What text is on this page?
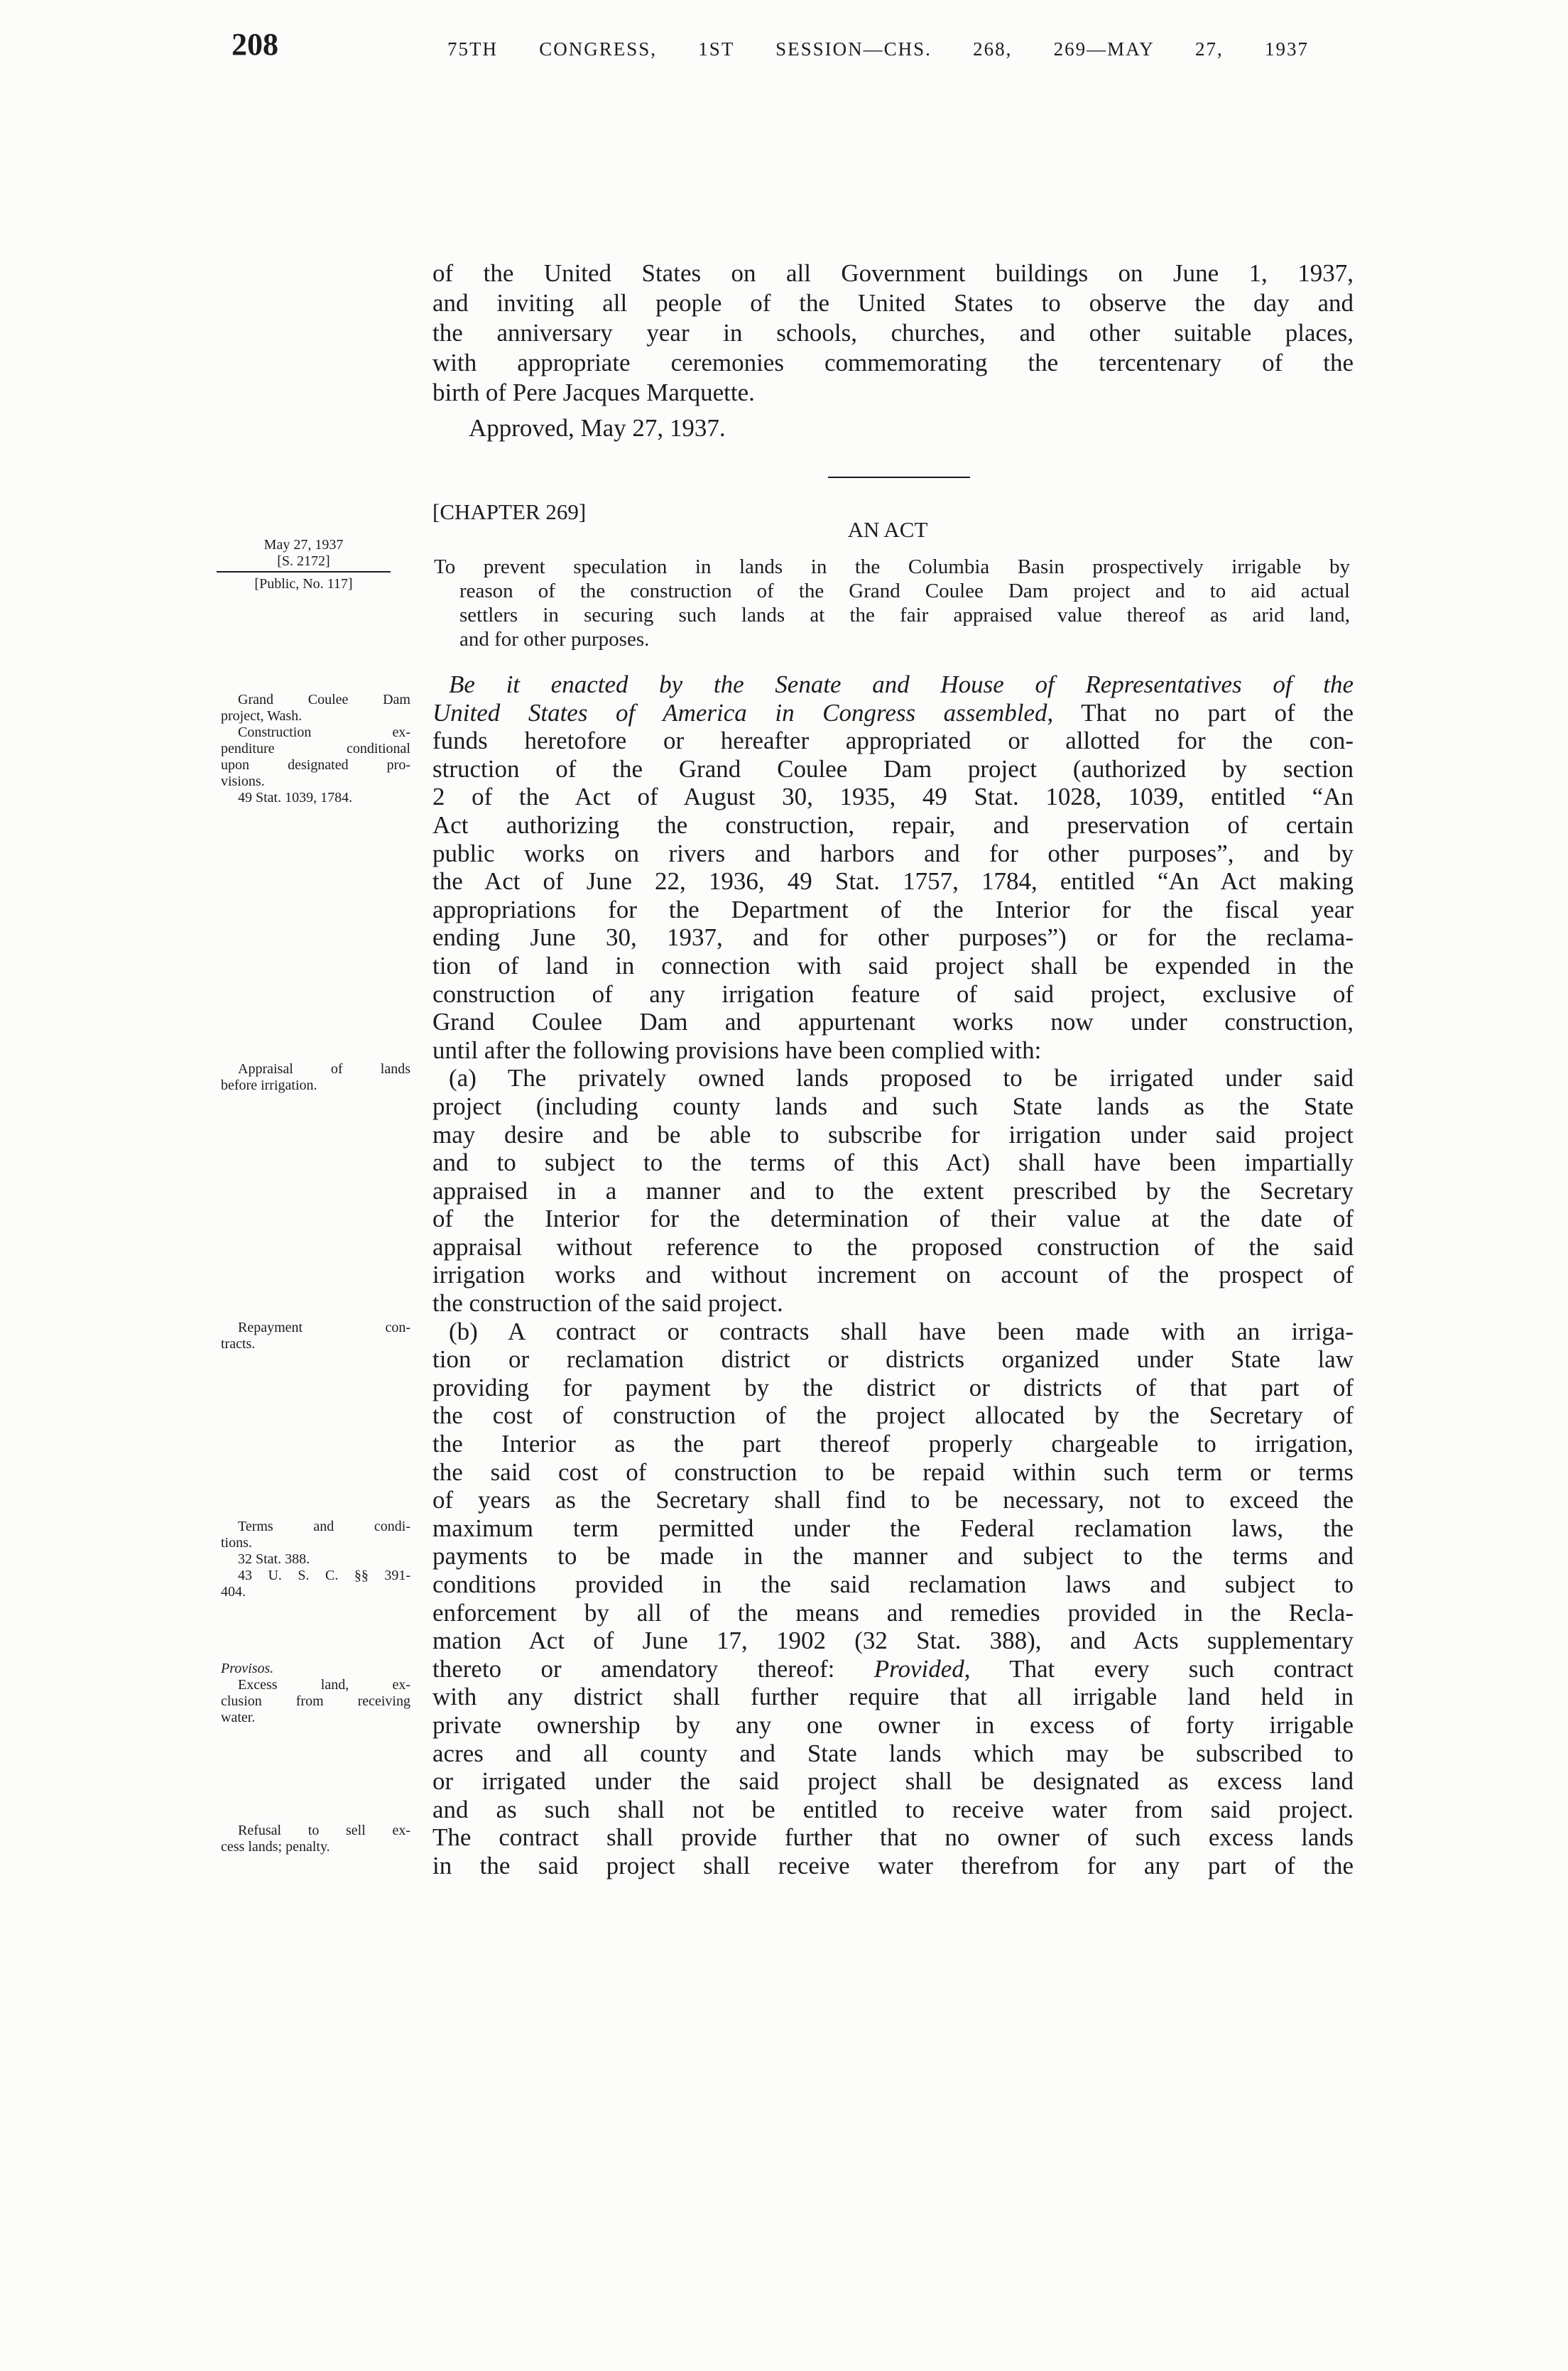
208	75TH CONGRESS, 1ST SESSION—CHS. 268, 269—MAY 27, 1937
of the United States on all Government buildings on June 1, 1937,
and inviting all people of the United States to observe the day and
the anniversary year in schools, churches, and other suitable places,
with appropriate ceremonies commemorating the tercentenary of the
birth of Pere Jacques Marquette.
Approved, May 27, 1937.
[CHAPTER 269]
AN ACT
May 27, 1937
[S. 2172]
[Public, No. 117]
To prevent speculation in lands in the Columbia Basin prospectively irrigable by
reason of the construction of the Grand Coulee Dam project and to aid actual
settlers in securing such lands at the fair appraised value thereof as arid land,
and for other purposes.
Be it enacted by the Senate and House of Representatives of the
United States of America in Congress assembled, That no part of the
funds heretofore or hereafter appropriated or allotted for the con-
struction of the Grand Coulee Dam project (authorized by section
2 of the Act of August 30, 1935, 49 Stat. 1028, 1039, entitled “An
Act authorizing the construction, repair, and preservation of certain
public works on rivers and harbors and for other purposes”, and by
the Act of June 22, 1936, 49 Stat. 1757, 1784, entitled “An Act making
appropriations for the Department of the Interior for the fiscal year
ending June 30, 1937, and for other purposes”) or for the reclama-
tion of land in connection with said project shall be expended in the
construction of any irrigation feature of said project, exclusive of
Grand Coulee Dam and appurtenant works now under construction,
until after the following provisions have been complied with:
(a) The privately owned lands proposed to be irrigated under said
project (including county lands and such State lands as the State
may desire and be able to subscribe for irrigation under said project
and to subject to the terms of this Act) shall have been impartially
appraised in a manner and to the extent prescribed by the Secretary
of the Interior for the determination of their value at the date of
appraisal without reference to the proposed construction of the said
irrigation works and without increment on account of the prospect of
the construction of the said project.
(b) A contract or contracts shall have been made with an irriga-
tion or reclamation district or districts organized under State law
providing for payment by the district or districts of that part of
the cost of construction of the project allocated by the Secretary of
the Interior as the part thereof properly chargeable to irrigation,
the said cost of construction to be repaid within such term or terms
of years as the Secretary shall find to be necessary, not to exceed the
maximum term permitted under the Federal reclamation laws, the
payments to be made in the manner and subject to the terms and
conditions provided in the said reclamation laws and subject to
enforcement by all of the means and remedies provided in the Recla-
mation Act of June 17, 1902 (32 Stat. 388), and Acts supplementary
thereto or amendatory thereof: Provided, That every such contract
with any district shall further require that all irrigable land held in
private ownership by any one owner in excess of forty irrigable
acres and all county and State lands which may be subscribed to
or irrigated under the said project shall be designated as excess land
and as such shall not be entitled to receive water from said project.
The contract shall provide further that no owner of such excess lands
in the said project shall receive water therefrom for any part of the
Grand Coulee Dam
project, Wash.
Construction ex-
penditure conditional
upon designated pro-
visions.
49 Stat. 1039, 1784.
Appraisal of lands
before irrigation.
Repayment con-
tracts.
Terms and condi-
tions.
32 Stat. 388.
43 U. S. C. §§ 391-
404.
Provisos.
Excess land, ex-
clusion from receiving
water.
Refusal to sell ex-
cess lands; penalty.
